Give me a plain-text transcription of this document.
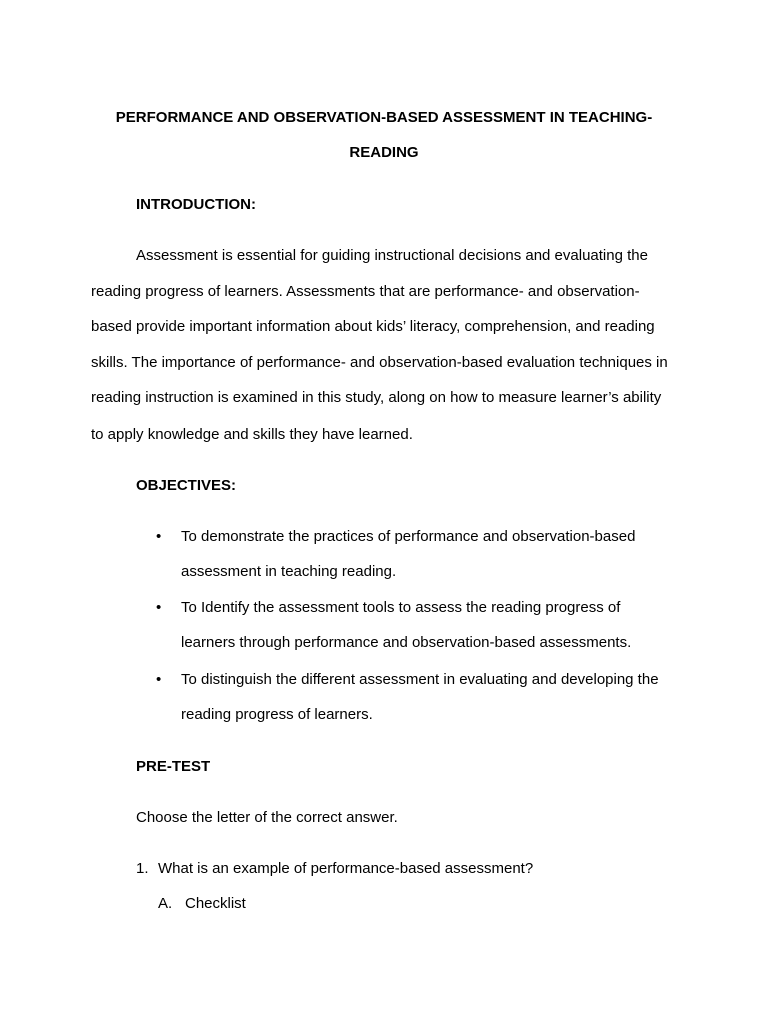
PERFORMANCE AND OBSERVATION-BASED ASSESSMENT IN TEACHING-

READING

INTRODUCTION:

Assessment is essential for guiding instructional decisions and evaluating the

reading progress of learners. Assessments that are performance- and observation-

based provide important information about kids’ literacy, comprehension, and reading

skills. The importance of performance- and observation-based evaluation techniques in

reading instruction is examined in this study, along on how to measure learner’s ability

to apply knowledge and skills they have learned.

OBJECTIVES:

• To demonstrate the practices of performance and observation-based

assessment in teaching reading.

• To Identify the assessment tools to assess the reading progress of

learners through performance and observation-based assessments.

• To distinguish the different assessment in evaluating and developing the

reading progress of learners.

PRE-TEST

Choose the letter of the correct answer.

1. What is an example of performance-based assessment?

A. Checklist
